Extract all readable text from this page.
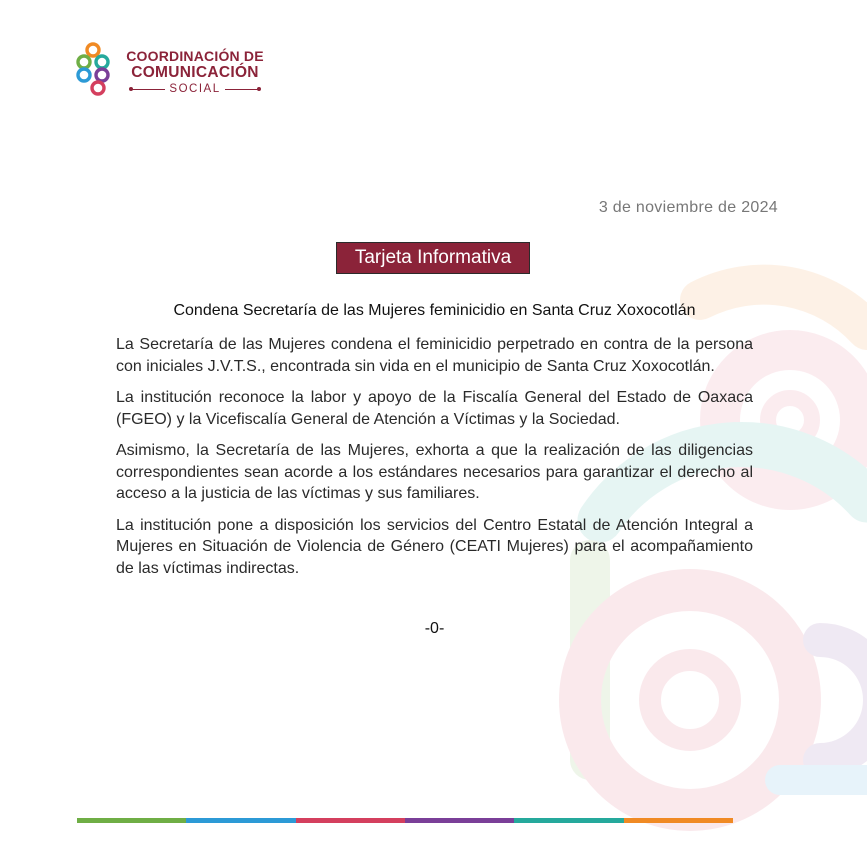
COORDINACIÓN DE
COMUNICACIÓN
SOCIAL
3 de noviembre de 2024
Tarjeta Informativa
Condena Secretaría de las Mujeres feminicidio en Santa Cruz Xoxocotlán

La Secretaría de las Mujeres condena el feminicidio perpetrado en contra de la persona con iniciales J.V.T.S., encontrada sin vida en el municipio de Santa Cruz Xoxocotlán.

La institución reconoce la labor y apoyo de la Fiscalía General del Estado de Oaxaca (FGEO) y la Vicefiscalía General de Atención a Víctimas y la Sociedad.

Asimismo, la Secretaría de las Mujeres, exhorta a que la realización de las diligencias correspondientes sean acorde a los estándares necesarios para garantizar el derecho al acceso a la justicia de las víctimas y sus familiares.

La institución pone a disposición los servicios del Centro Estatal de Atención Integral a Mujeres en Situación de Violencia de Género (CEATI Mujeres) para el acompañamiento de las víctimas indirectas.

-0-
